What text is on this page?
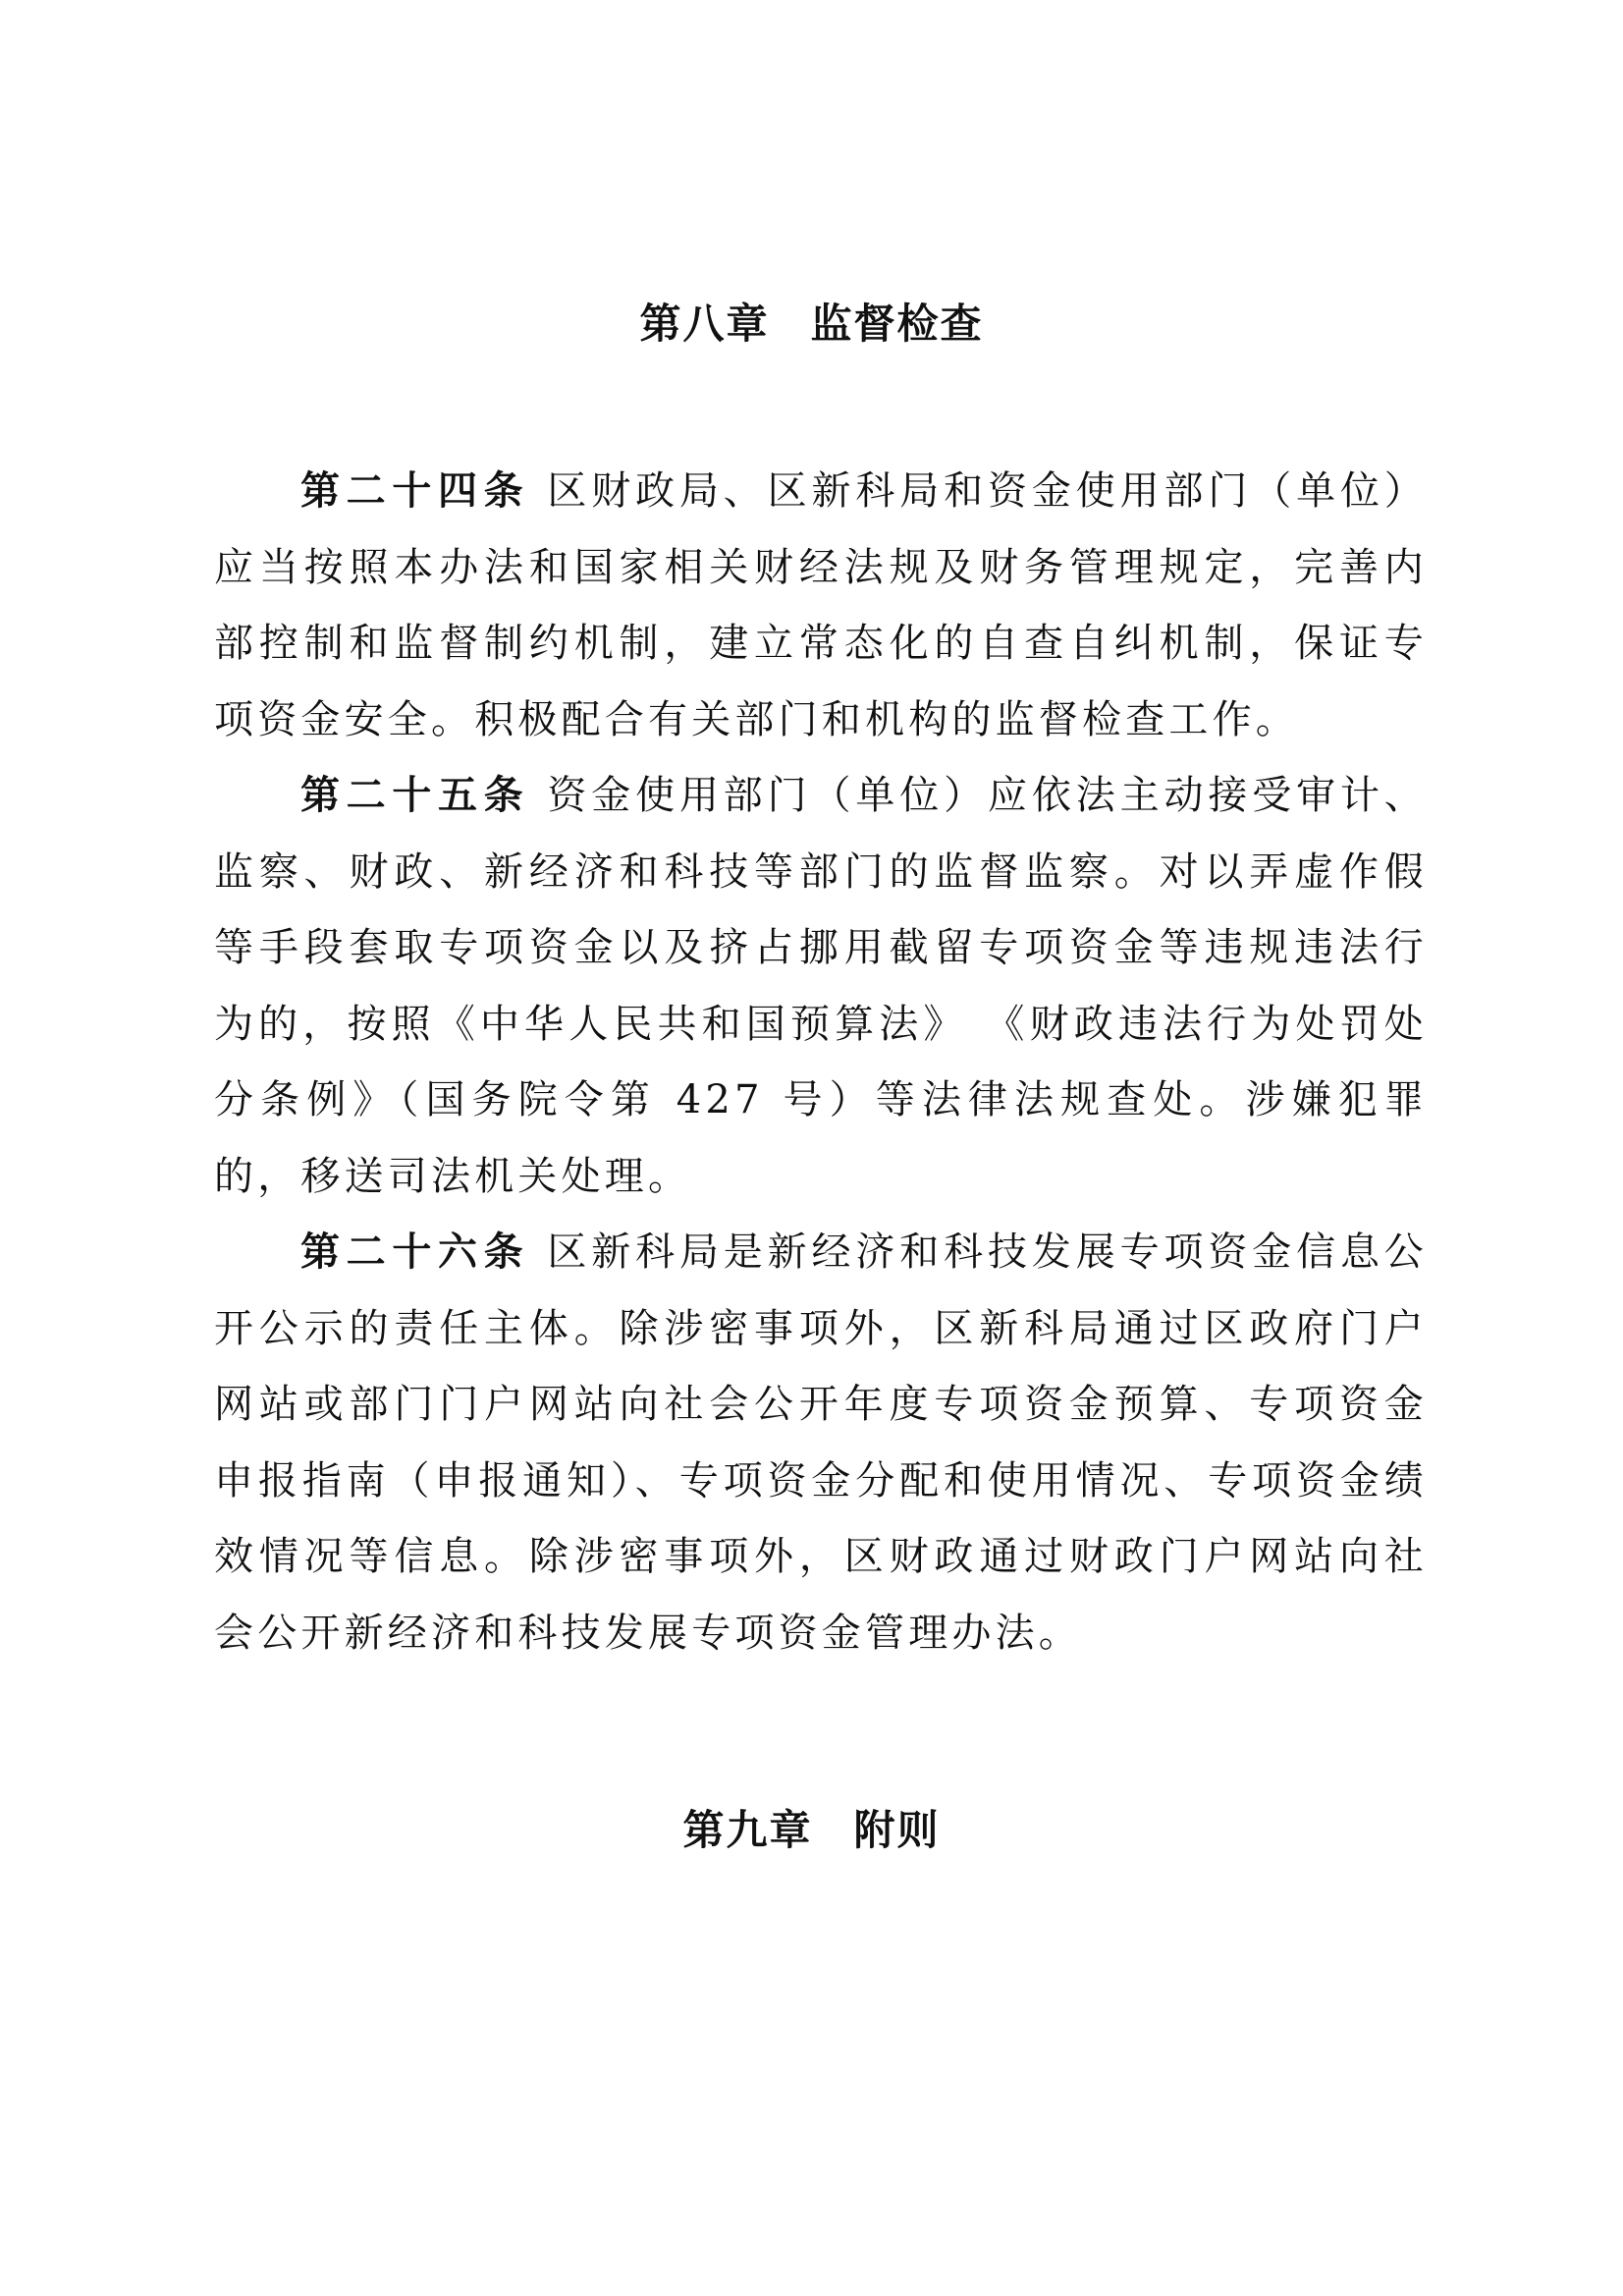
第八章 监督检查

第二十四条 区财政局、区新科局和资金使用部门（单位）应当按照本办法和国家相关财经法规及财务管理规定，完善内部控制和监督制约机制，建立常态化的自查自纠机制，保证专项资金安全。积极配合有关部门和机构的监督检查工作。

第二十五条 资金使用部门（单位）应依法主动接受审计、监察、财政、新经济和科技等部门的监督监察。对以弄虚作假等手段套取专项资金以及挤占挪用截留专项资金等违规违法行为的，按照《中华人民共和国预算法》 《财政违法行为处罚处分条例》（国务院令第 427 号）等法律法规查处。涉嫌犯罪的，移送司法机关处理。

第二十六条 区新科局是新经济和科技发展专项资金信息公开公示的责任主体。除涉密事项外，区新科局通过区政府门户网站或部门门户网站向社会公开年度专项资金预算、专项资金申报指南（申报通知）、专项资金分配和使用情况、专项资金绩效情况等信息。除涉密事项外，区财政通过财政门户网站向社会公开新经济和科技发展专项资金管理办法。

第九章 附则
